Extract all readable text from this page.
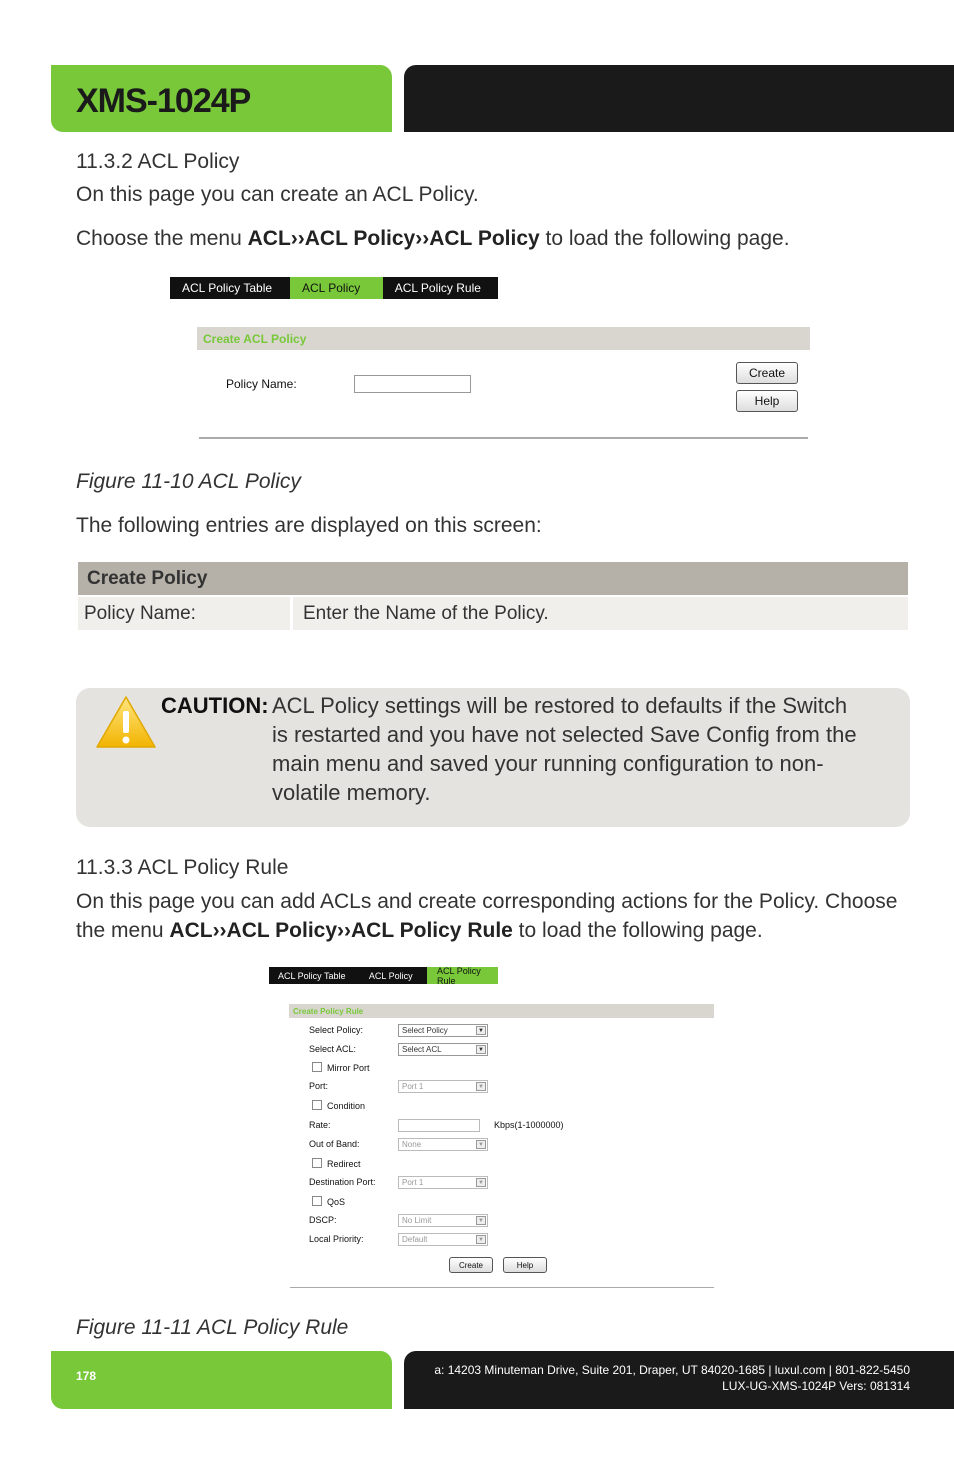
XMS-1024P
11.3.2 ACL Policy
On this page you can create an ACL Policy.
Choose the menu ACL››ACL Policy››ACL Policy to load the following page.
ACL Policy Table	ACL Policy	ACL Policy Rule
Create ACL Policy
Policy Name:
Create
Help
Figure 11-10 ACL Policy
The following entries are displayed on this screen:
Create Policy
Policy Name:	Enter the Name of the Policy.
CAUTION: ACL Policy settings will be restored to defaults if the Switch
is restarted and you have not selected Save Config from the
main menu and saved your running configuration to non-
volatile memory.
11.3.3 ACL Policy Rule
On this page you can add ACLs and create corresponding actions for the Policy. Choose
the menu ACL››ACL Policy››ACL Policy Rule to load the following page.
ACL Policy Table	ACL Policy	ACL Policy Rule
Create Policy Rule
Select Policy:	Select Policy	▼
Select ACL:	Select ACL	▼
Mirror Port
Port:	Port 1	▼
Condition
Rate:	Kbps(1-1000000)
Out of Band:	None	▼
Redirect
Destination Port:	Port 1	▼
QoS
DSCP:	No Limit	▼
Local Priority:	Default	▼
Create	Help
Figure 11-11 ACL Policy Rule
178	a: 14203 Minuteman Drive, Suite 201, Draper, UT 84020-1685 | luxul.com | 801-822-5450
LUX-UG-XMS-1024P Vers: 081314
